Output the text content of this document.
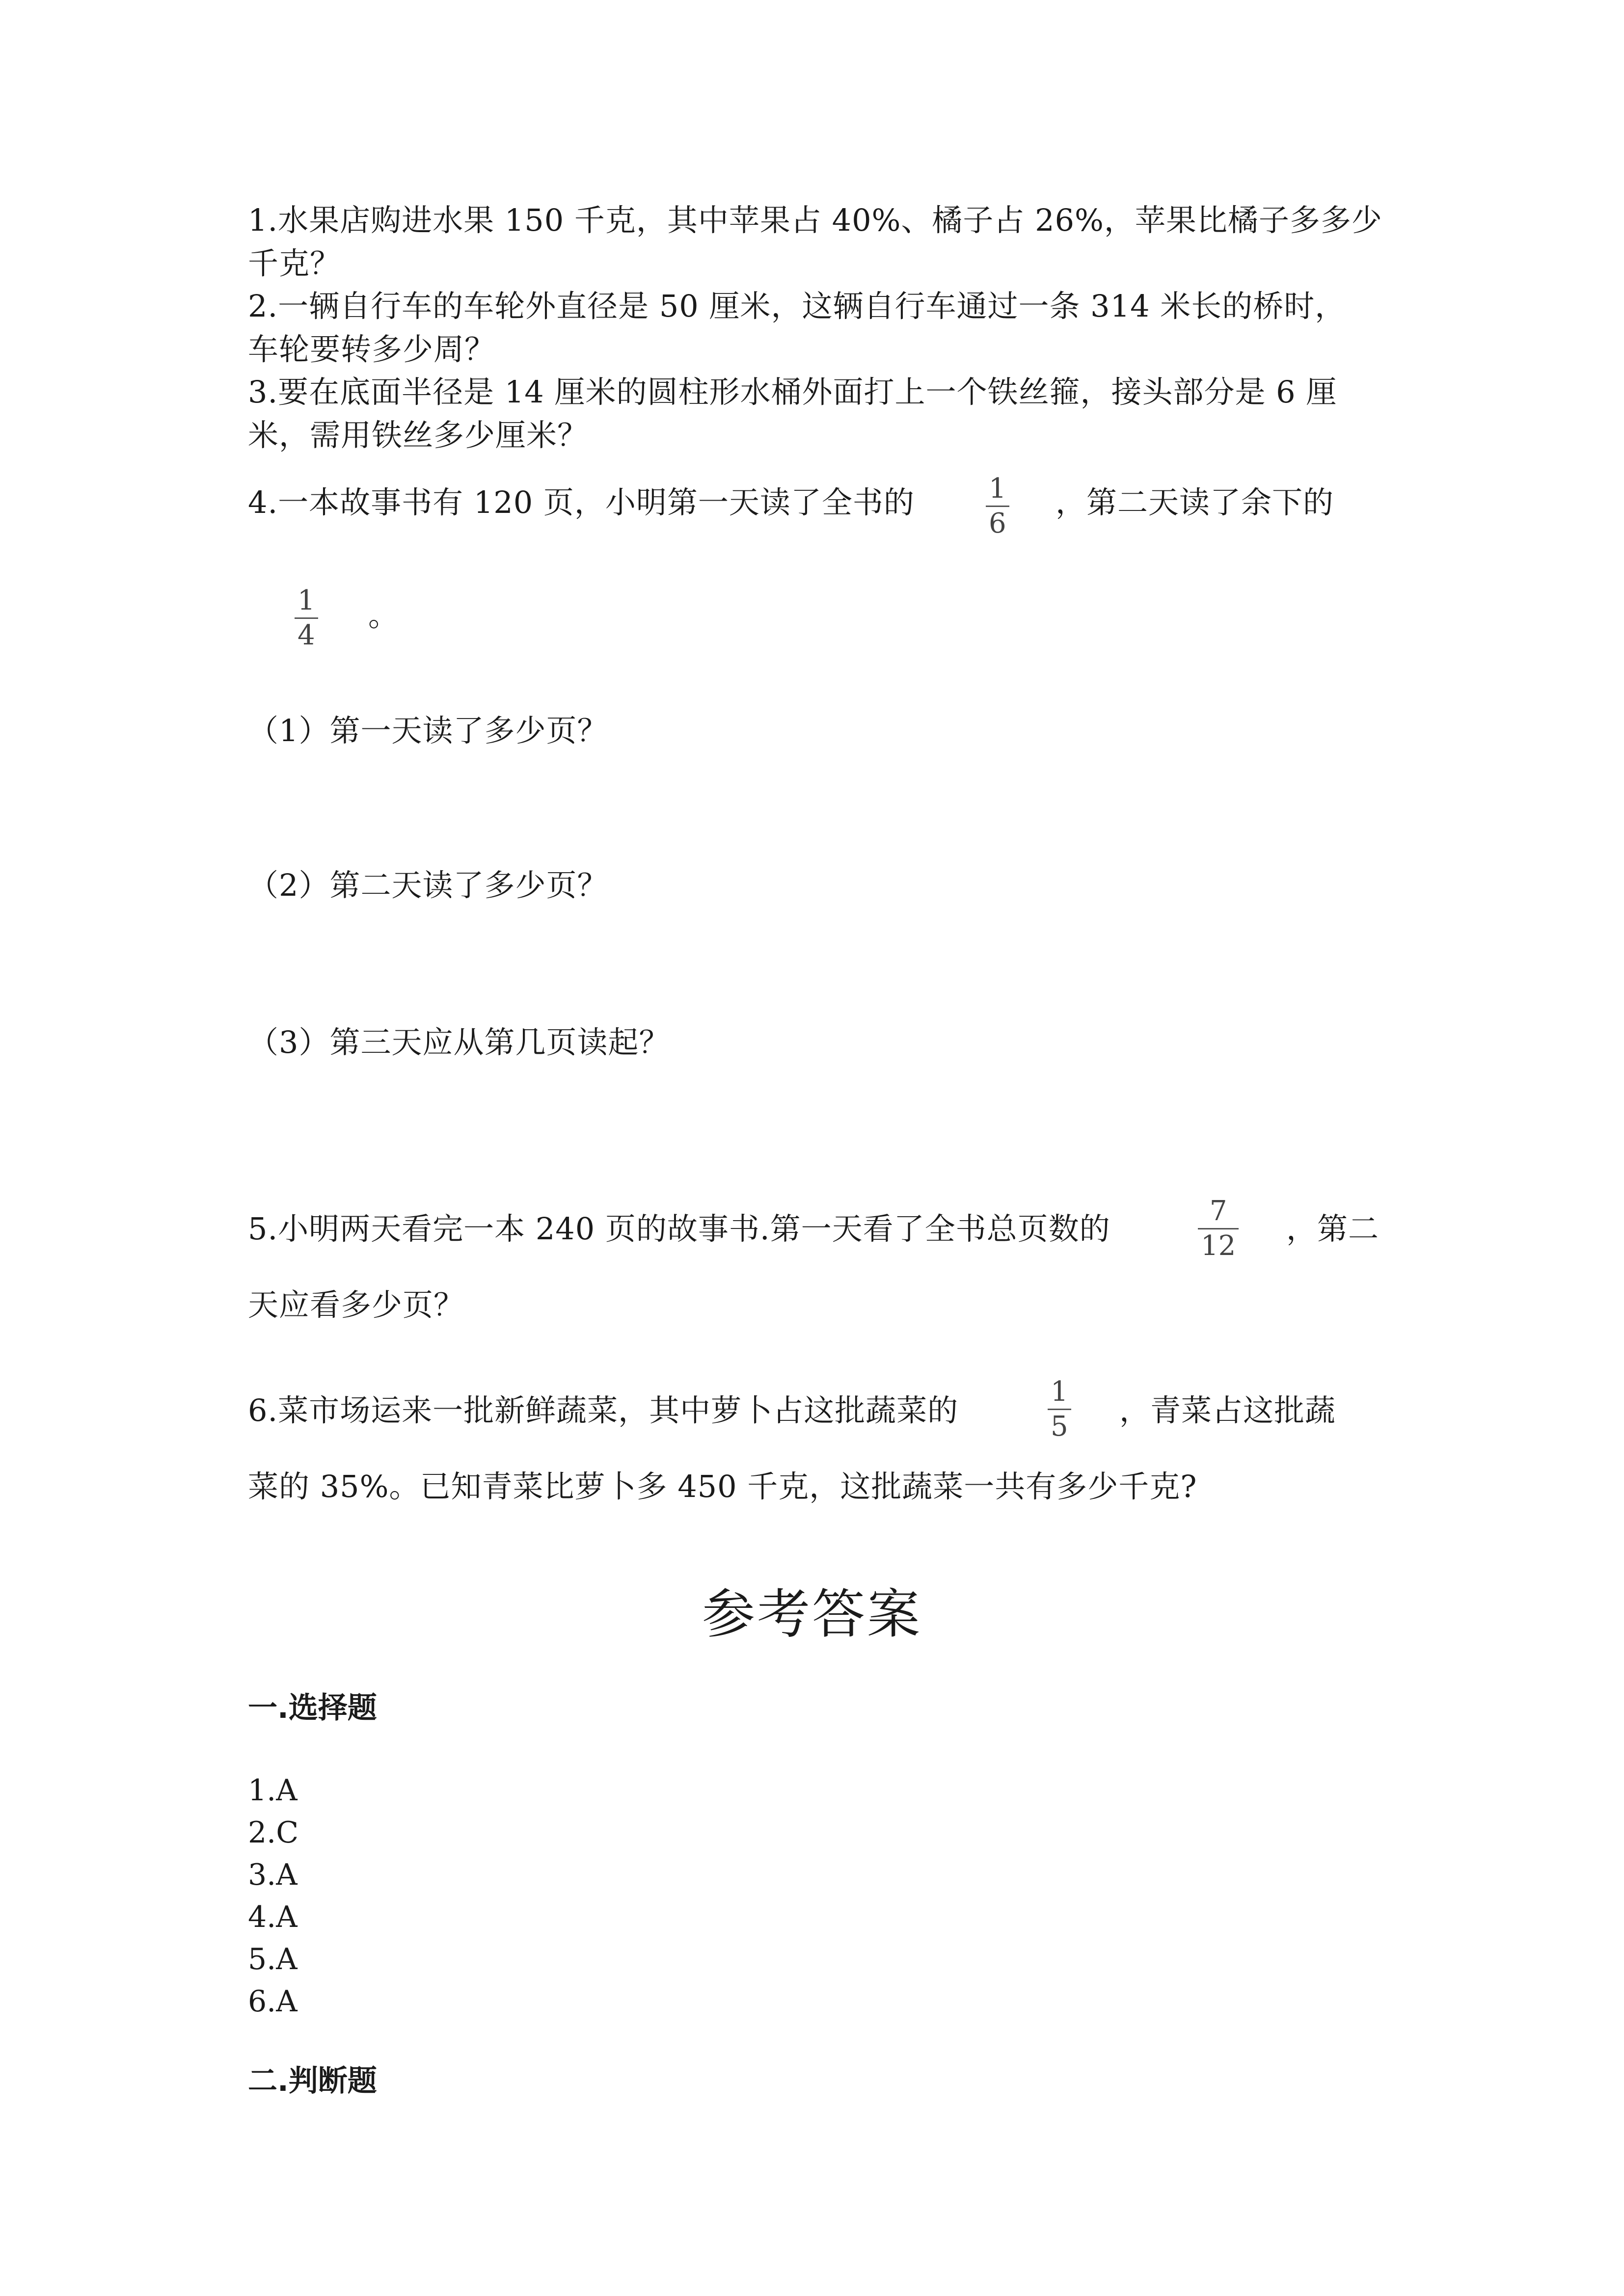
1.水果店购进水果 150 千克，其中苹果占 40%、橘子占 26%，苹果比橘子多多少
千克？
2.一辆自行车的车轮外直径是 50 厘米，这辆自行车通过一条 314 米长的桥时，
车轮要转多少周？
3.要在底面半径是 14 厘米的圆柱形水桶外面打上一个铁丝箍，接头部分是 6 厘
米，需用铁丝多少厘米？
4.一本故事书有 120 页，小明第一天读了全书的	1
6
，第二天读了余下的
1
4
。
（1）第一天读了多少页？
（2）第二天读了多少页？
（3）第三天应从第几页读起？
5.小明两天看完一本 240 页的故事书.第一天看了全书总页数的	7
12 ，第二
天应看多少页？
6.菜市场运来一批新鲜蔬菜，其中萝卜占这批蔬菜的
1
5 ，青菜占这批蔬
菜的 35%。已知青菜比萝卜多 450 千克，这批蔬菜一共有多少千克?
参考答案
一.选择题
1.A
2.C
3.A
4.A
5.A
6.A
二.判断题
